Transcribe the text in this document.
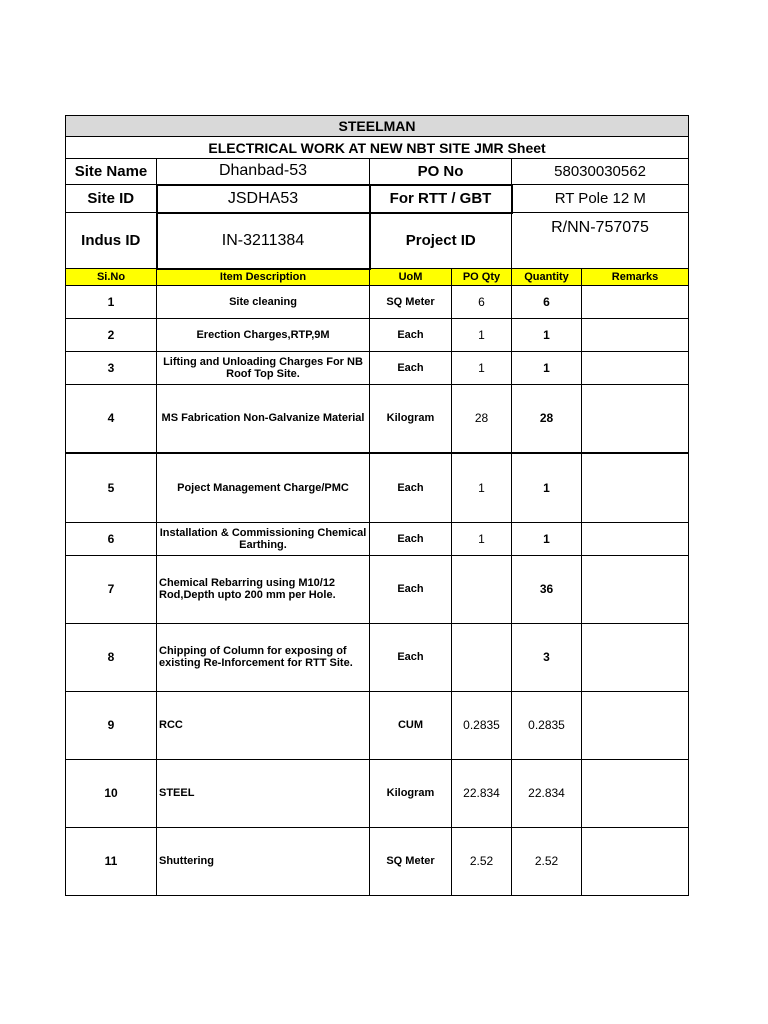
STEELMAN					
ELECTRICAL WORK AT NEW NBT SITE JMR Sheet					
Site Name	Dhanbad-53	PO No		58030030562	
Site ID	JSDHA53	For RTT / GBT		RT Pole 12 M	
Indus ID	IN-3211384	Project ID		R/NN-757075	
Si.No	Item Description	UoM	PO Qty	Quantity	Remarks
1	Site cleaning	SQ Meter	6	6	
2	Erection Charges,RTP,9M	Each	1	1	
3	Lifting and Unloading Charges For NB Roof Top Site.	Each	1	1	
4	MS Fabrication Non-Galvanize Material	Kilogram	28	28	
5	Poject Management Charge/PMC	Each	1	1	
6	Installation & Commissioning Chemical Earthing.	Each	1	1	
7	Chemical Rebarring using M10/12 Rod,Depth upto 200 mm per Hole.	Each		36	
8	Chipping of Column for exposing of existing Re-Inforcement for RTT Site.	Each		3	
9	RCC	CUM	0.2835	0.2835	
10	STEEL	Kilogram	22.834	22.834	
11	Shuttering	SQ Meter	2.52	2.52	
